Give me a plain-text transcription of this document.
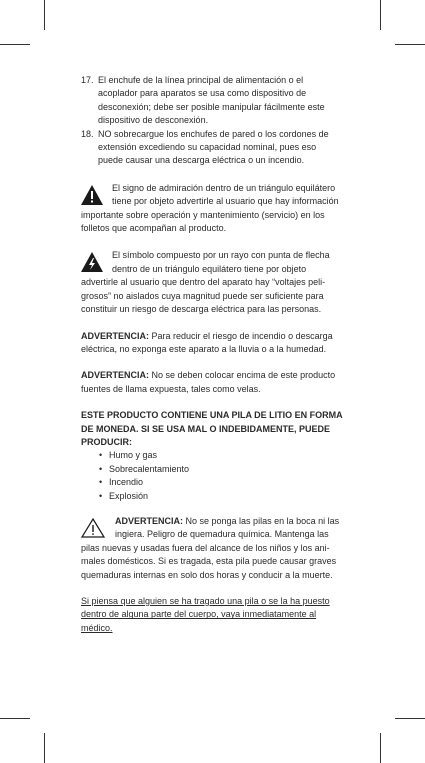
17. El enchufe de la línea principal de alimentación o el acoplador para aparatos se usa como dispositivo de desconexión; debe ser posible manipular fácilmente este dispositivo de desconexión.
18. NO sobrecargue los enchufes de pared o los cordones de extensión excediendo su capacidad nominal, pues eso puede causar una descarga eléctrica o un incendio.

El signo de admiración dentro de un triángulo equilátero tiene por objeto advertirle al usuario que hay información importante sobre operación y mantenimiento (servicio) en los folletos que acompañan al producto.

El símbolo compuesto por un rayo con punta de flecha dentro de un triángulo equilátero tiene por objeto advertirle al usuario que dentro del aparato hay “voltajes peli-grosos” no aislados cuya magnitud puede ser suficiente para constituir un riesgo de descarga eléctrica para las personas.

ADVERTENCIA: Para reducir el riesgo de incendio o descarga eléctrica, no exponga este aparato a la lluvia o a la humedad.

ADVERTENCIA: No se deben colocar encima de este producto fuentes de llama expuesta, tales como velas.

ESTE PRODUCTO CONTIENE UNA PILA DE LITIO EN FORMA DE MONEDA. SI SE USA MAL O INDEBIDAMENTE, PUEDE PRODUCIR:

• Humo y gas
• Sobrecalentamiento
• Incendio
• Explosión

ADVERTENCIA: No se ponga las pilas en la boca ni las ingiera. Peligro de quemadura química. Mantenga las pilas nuevas y usadas fuera del alcance de los niños y los ani-males domésticos. Si es tragada, esta pila puede causar graves quemaduras internas en solo dos horas y conducir a la muerte.

Si piensa que alguien se ha tragado una pila o se la ha puesto dentro de alguna parte del cuerpo, vaya inmediatamente al médico.
